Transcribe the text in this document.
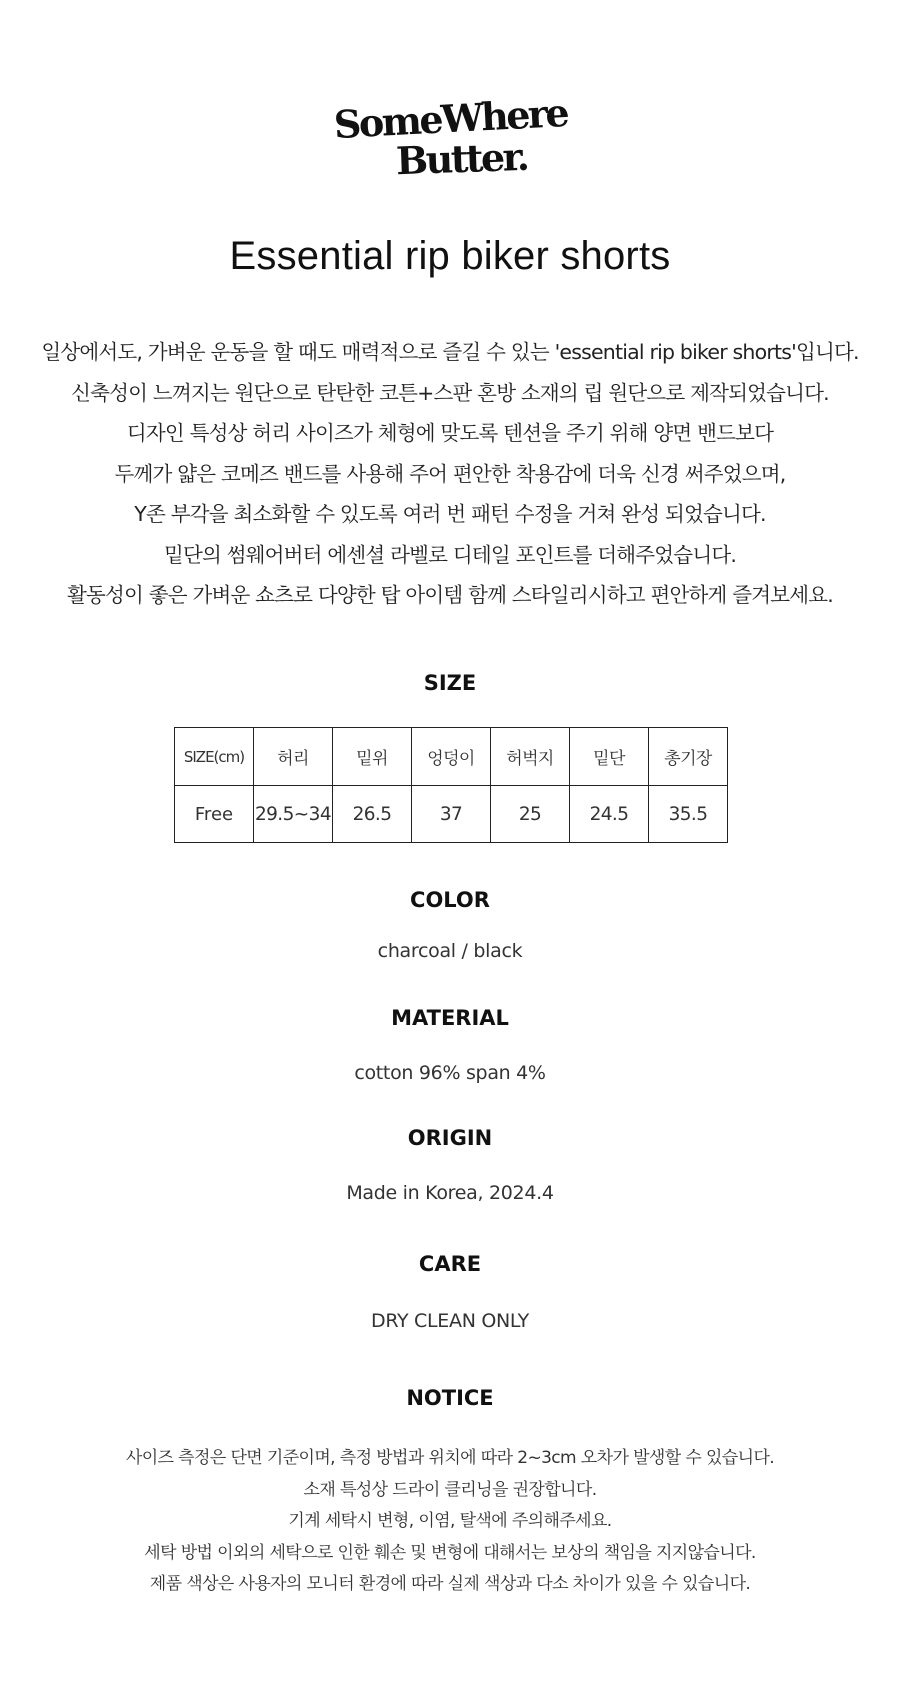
SomeWhere
Butter.
Essential rip biker shorts
일상에서도, 가벼운 운동을 할 때도 매력적으로 즐길 수 있는 'essential rip biker shorts'입니다.
신축성이 느껴지는 원단으로 탄탄한 코튼+스판 혼방 소재의 립 원단으로 제작되었습니다.
디자인 특성상 허리 사이즈가 체형에 맞도록 텐션을 주기 위해 양면 밴드보다
두께가 얇은 코메즈 밴드를 사용해 주어 편안한 착용감에 더욱 신경 써주었으며,
Y존 부각을 최소화할 수 있도록 여러 번 패턴 수정을 거쳐 완성 되었습니다.
밑단의 썸웨어버터 에센셜 라벨로 디테일 포인트를 더해주었습니다.
활동성이 좋은 가벼운 쇼츠로 다양한 탑 아이템 함께 스타일리시하고 편안하게 즐겨보세요.
SIZE
SIZE(cm)	허리	밑위	엉덩이	허벅지	밑단	총기장
Free	29.5~34	26.5	37	25	24.5	35.5
COLOR
charcoal / black
MATERIAL
cotton 96% span 4%
ORIGIN
Made in Korea, 2024.4
CARE
DRY CLEAN ONLY
NOTICE
사이즈 측정은 단면 기준이며, 측정 방법과 위치에 따라 2~3cm 오차가 발생할 수 있습니다.
소재 특성상 드라이 클리닝을 권장합니다.
기계 세탁시 변형, 이염, 탈색에 주의해주세요.
세탁 방법 이외의 세탁으로 인한 훼손 및 변형에 대해서는 보상의 책임을 지지않습니다.
제품 색상은 사용자의 모니터 환경에 따라 실제 색상과 다소 차이가 있을 수 있습니다.
